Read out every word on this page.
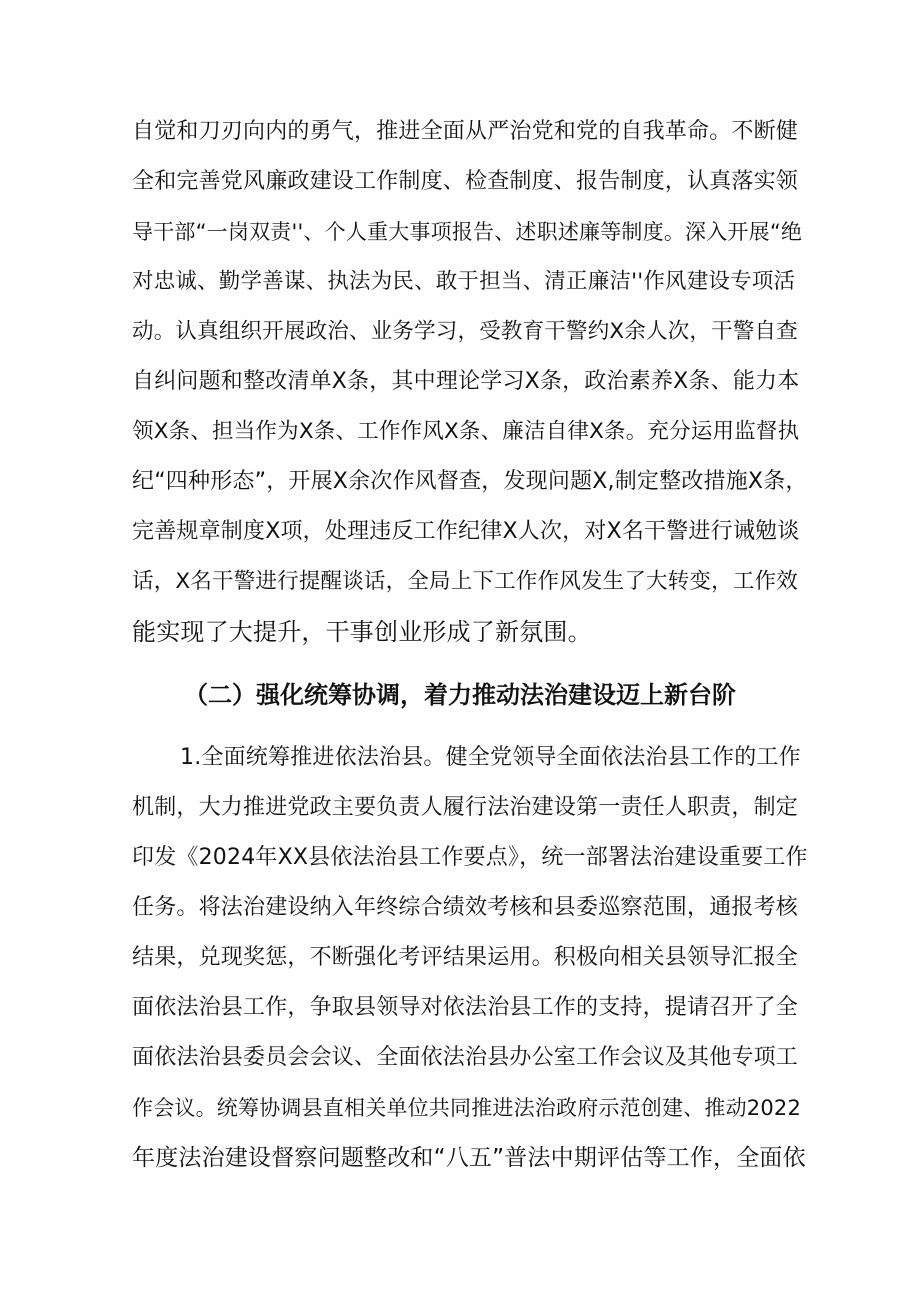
自觉和刀刃向内的勇气，推进全面从严治党和党的自我革命。不断健
全和完善党风廉政建设工作制度、检查制度、报告制度，认真落实领
导干部“一岗双责''、个人重大事项报告、述职述廉等制度。深入开展“绝
对忠诚、勤学善谋、执法为民、敢于担当、清正廉洁''作风建设专项活
动。认真组织开展政治、业务学习，受教育干警约X余人次，干警自查
自纠问题和整改清单X条，其中理论学习X条，政治素养X条、能力本
领X条、担当作为X条、工作作风X条、廉洁自律X条。充分运用监督执
纪“四种形态”，开展X余次作风督查，发现问题X,制定整改措施X条，
完善规章制度X项，处理违反工作纪律X人次，对X名干警进行诫勉谈
话，X名干警进行提醒谈话，全局上下工作作风发生了大转变，工作效
能实现了大提升，干事创业形成了新氛围。
（二）强化统筹协调，着力推动法治建设迈上新台阶
1.全面统筹推进依法治县。健全党领导全面依法治县工作的工作
机制，大力推进党政主要负责人履行法治建设第一责任人职责，制定
印发《2024年XX县依法治县工作要点》，统一部署法治建设重要工作
任务。将法治建设纳入年终综合绩效考核和县委巡察范围，通报考核
结果，兑现奖惩，不断强化考评结果运用。积极向相关县领导汇报全
面依法治县工作，争取县领导对依法治县工作的支持，提请召开了全
面依法治县委员会会议、全面依法治县办公室工作会议及其他专项工
作会议。统筹协调县直相关单位共同推进法治政府示范创建、推动2022
年度法治建设督察问题整改和“八五”普法中期评估等工作，全面依
